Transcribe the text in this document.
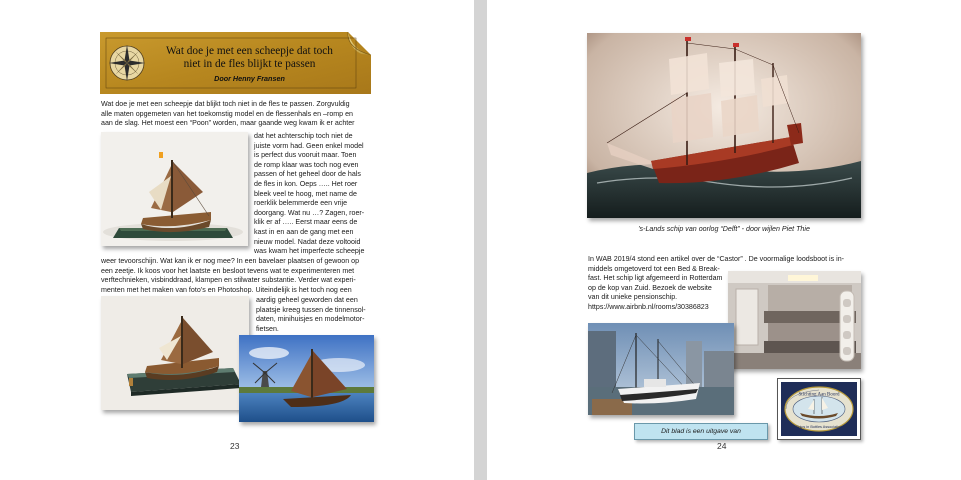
Wat doe je met een scheepje dat toch
niet in de fles blijkt te passen
Door Henny Fransen
Wat doe je met een scheepje dat blijkt toch niet in de fles te passen. Zorgvuldig
alle maten opgemeten van het toekomstig model en de flessenhals en –romp en
aan de slag. Het moest een “Poon” worden, maar gaande weg kwam ik er achter
dat het achterschip toch niet de
juiste vorm had. Geen enkel model
is perfect dus vooruit maar. Toen
de romp klaar was toch nog even
passen of het geheel door de hals
de fles in kon. Oeps ….. Het roer
bleek veel te hoog, met name de
roerklik belemmerde een vrije
doorgang. Wat nu …? Zagen, roer-
klik er af ….. Eerst maar eens de
kast in en aan de gang met een
nieuw model. Nadat deze voltooid
was kwam het imperfecte scheepje
weer tevoorschijn. Wat kan ik er nog mee? In een bavelaer plaatsen of gewoon op
een zeetje. Ik koos voor het laatste en besloot tevens wat te experimenteren met
verftechnieken, visbinddraad, klampen en stilwater substantie. Verder wat experi-
menten met het maken van foto’s en Photoshop. Uiteindelijk is het toch nog een
aardig geheel geworden dat een
plaatsje kreeg tussen de tinnensol-
daten, minihuisjes en modelmotor-
fietsen.
23
’s-Lands schip van oorlog “Delft” - door wijlen Piet Thie
In WAB 2019/4 stond een artikel over de “Castor” . De voormalige loodsboot is in-
middels omgetoverd tot een Bed & Break-
fast. Het schip ligt afgemeerd in Rotterdam
op de kop van Zuid. Bezoek de website
van dit unieke pensionschip.
https://www.airbnb.nl/rooms/30386823
Dit blad is een uitgave van
Stichting Aan Boord
Ships in Bottles Association
24
